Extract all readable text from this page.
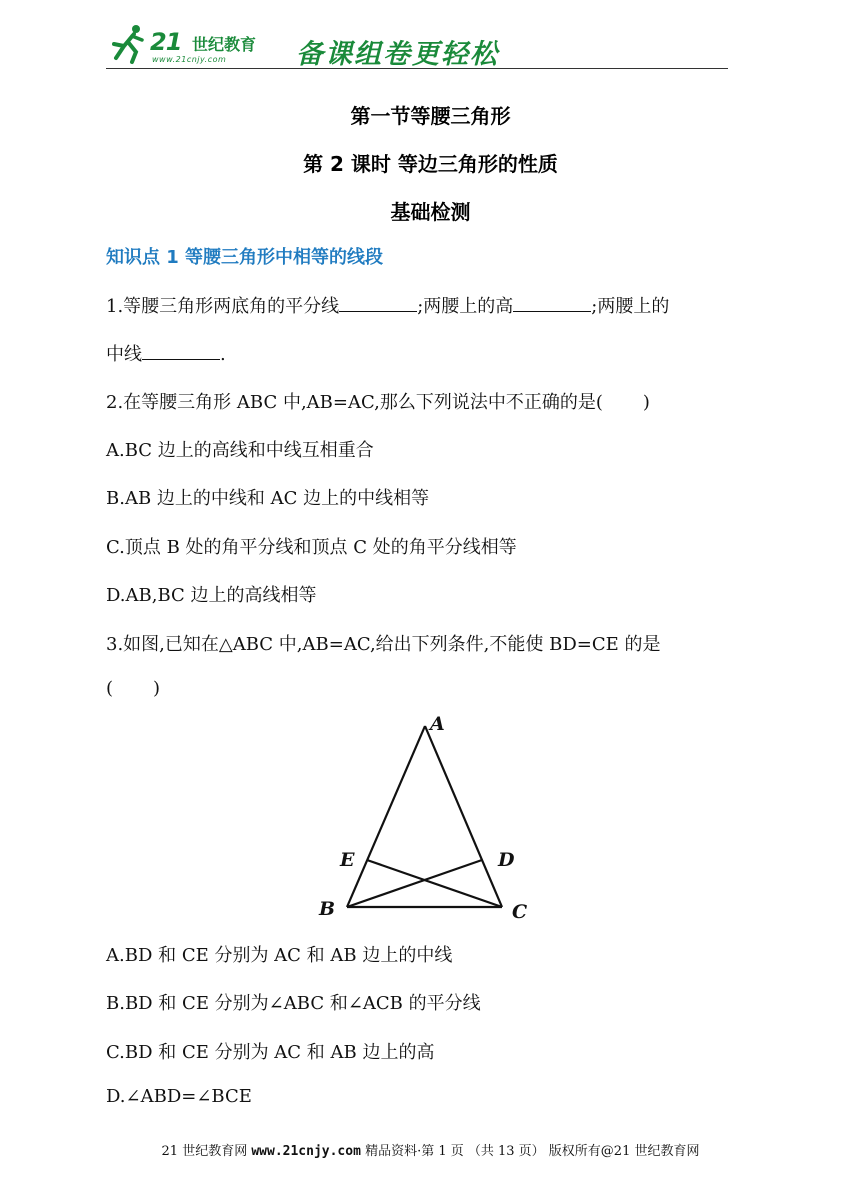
21 世纪教育
www.21cnjy.com	备课组卷更轻松
第一节等腰三角形
第 2 课时 等边三角形的性质
基础检测
知识点 1 等腰三角形中相等的线段
1.等腰三角形两底角的平分线	;两腰上的高	;两腰上的
中线	.
2.在等腰三角形 ABC 中,AB=AC,那么下列说法中不正确的是( )
A.BC 边上的高线和中线互相重合
B.AB 边上的中线和 AC 边上的中线相等
C.顶点 B 处的角平分线和顶点 C 处的角平分线相等
D.AB,BC 边上的高线相等
3.如图,已知在△ABC 中,AB=AC,给出下列条件,不能使 BD=CE 的是
( )
A
E	D
B	C
A.BD 和 CE 分别为 AC 和 AB 边上的中线
B.BD 和 CE 分别为∠ABC 和∠ACB 的平分线
C.BD 和 CE 分别为 AC 和 AB 边上的高
D.∠ABD=∠BCE
21 世纪教育网 www.21cnjy.com 精品资料·第 1 页 （共 13 页） 版权所有@21 世纪教育网
